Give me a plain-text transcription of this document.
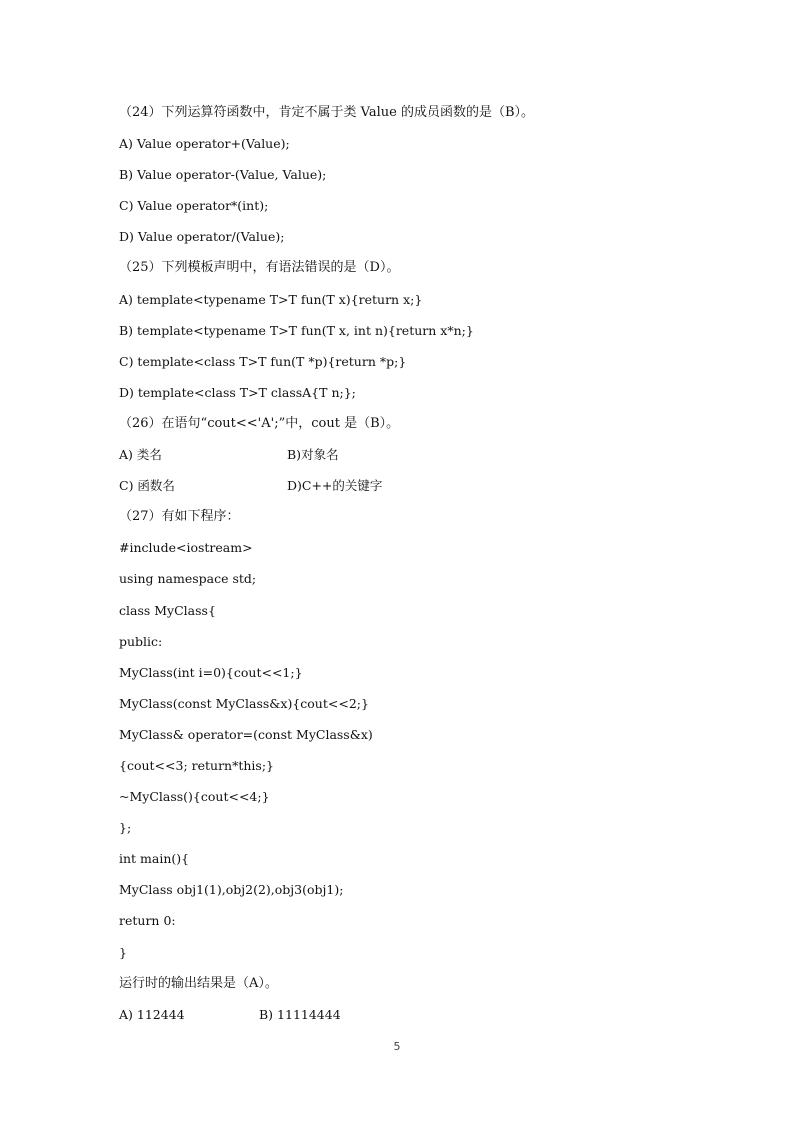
（24）下列运算符函数中，肯定不属于类 Value 的成员函数的是（B）。
A) Value operator+(Value);
B) Value operator-(Value, Value);
C) Value operator*(int);
D) Value operator/(Value);
（25）下列模板声明中，有语法错误的是（D）。
A) template<typename T>T fun(T x){return x;}
B) template<typename T>T fun(T x, int n){return x*n;}
C) template<class T>T fun(T *p){return *p;}
D) template<class T>T classA{T n;};
（26）在语句“cout<<'A';”中，cout 是（B）。
A) 类名	B)对象名
C) 函数名	D)C++的关键字
（27）有如下程序：
#include<iostream>
using namespace std;
class MyClass{
public:
MyClass(int i=0){cout<<1;}
MyClass(const MyClass&x){cout<<2;}
MyClass& operator=(const MyClass&x)
{cout<<3; return*this;}
~MyClass(){cout<<4;}
};
int main(){
MyClass obj1(1),obj2(2),obj3(obj1);
return 0:
}
运行时的输出结果是（A）。
A) 112444	B) 11114444
5
